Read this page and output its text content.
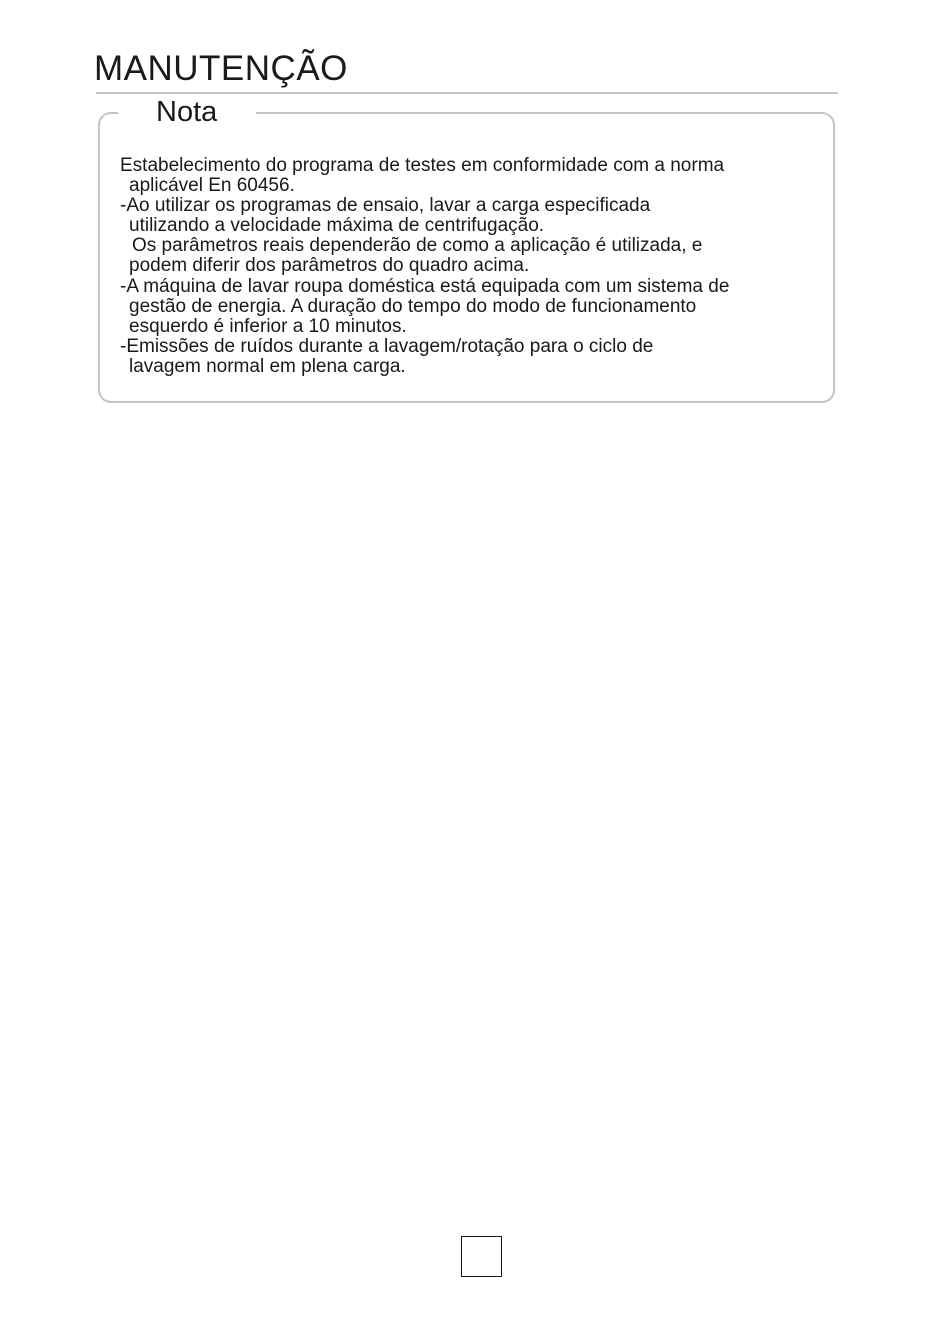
MANUTENÇÃO
Nota
Estabelecimento do programa de testes em conformidade com a norma
aplicável En 60456.
-Ao utilizar os programas de ensaio, lavar a carga especificada
utilizando a velocidade máxima de centrifugação.
Os parâmetros reais dependerão de como a aplicação é utilizada, e
podem diferir dos parâmetros do quadro acima.
-A máquina de lavar roupa doméstica está equipada com um sistema de
gestão de energia. A duração do tempo do modo de funcionamento
esquerdo é inferior a 10 minutos.
-Emissões de ruídos durante a lavagem/rotação para o ciclo de
lavagem normal em plena carga.
